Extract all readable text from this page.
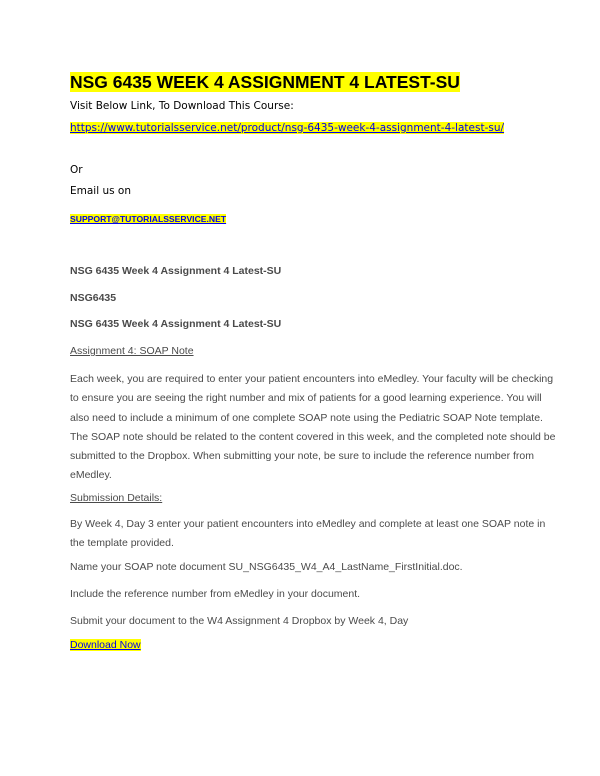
NSG 6435 WEEK 4 ASSIGNMENT 4 LATEST-SU
Visit Below Link, To Download This Course:
https://www.tutorialsservice.net/product/nsg-6435-week-4-assignment-4-latest-su/
Or
Email us on
SUPPORT@TUTORIALSSERVICE.NET
NSG 6435 Week 4 Assignment 4 Latest-SU
NSG6435
NSG 6435 Week 4 Assignment 4 Latest-SU
Assignment 4: SOAP Note
Each week, you are required to enter your patient encounters into eMedley. Your faculty will be checking
to ensure you are seeing the right number and mix of patients for a good learning experience. You will
also need to include a minimum of one complete SOAP note using the Pediatric SOAP Note template.
The SOAP note should be related to the content covered in this week, and the completed note should be
submitted to the Dropbox. When submitting your note, be sure to include the reference number from
eMedley.
Submission Details:
By Week 4, Day 3 enter your patient encounters into eMedley and complete at least one SOAP note in
the template provided.
Name your SOAP note document SU_NSG6435_W4_A4_LastName_FirstInitial.doc.
Include the reference number from eMedley in your document.
Submit your document to the W4 Assignment 4 Dropbox by Week 4, Day
Download Now
